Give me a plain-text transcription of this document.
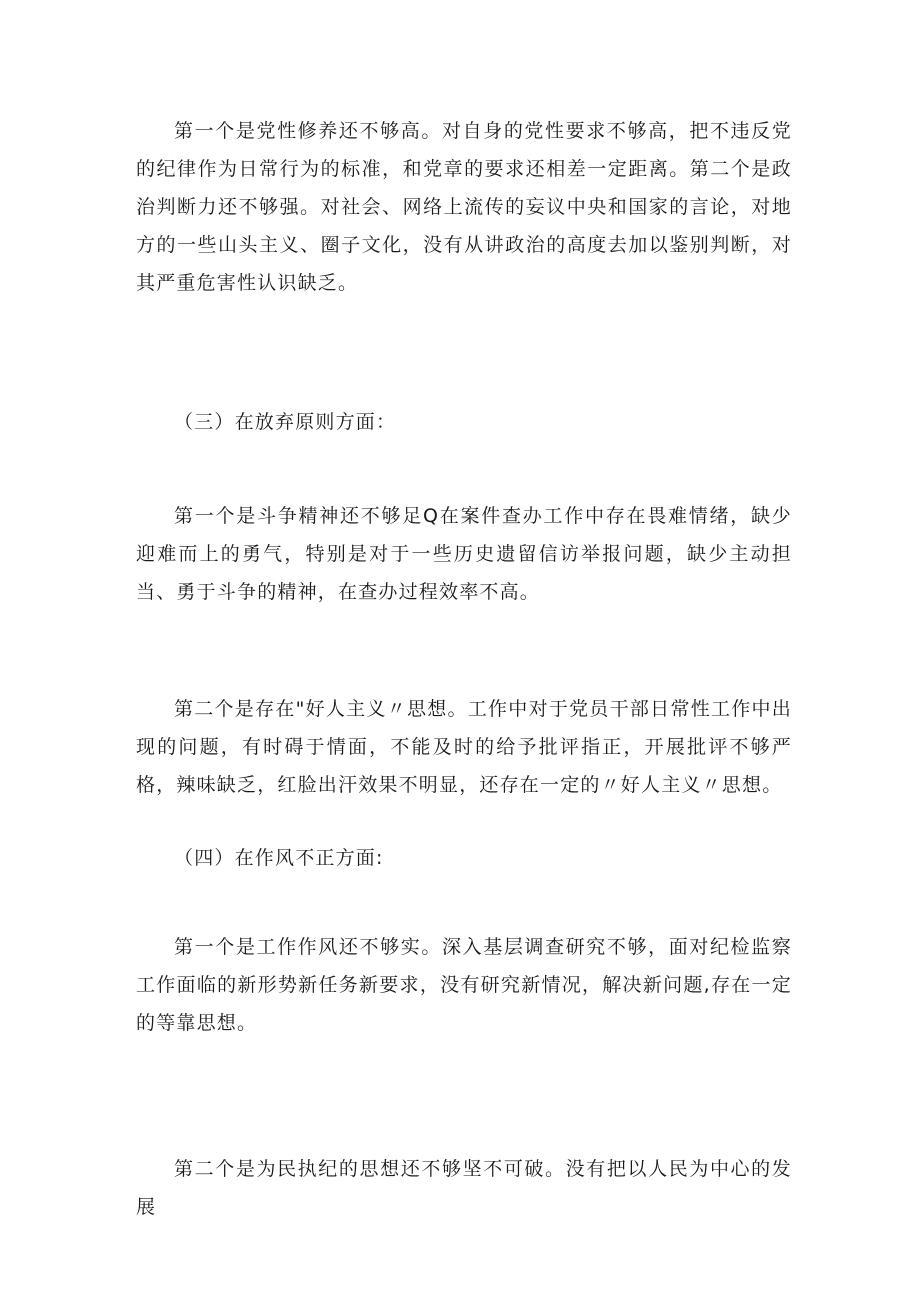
第一个是党性修养还不够高。对自身的党性要求不够高，把不违反党的纪律作为日常行为的标准，和党章的要求还相差一定距离。第二个是政治判断力还不够强。对社会、网络上流传的妄议中央和国家的言论，对地方的一些山头主义、圈子文化，没有从讲政治的高度去加以鉴别判断，对其严重危害性认识缺乏。

（三）在放弃原则方面：

第一个是斗争精神还不够足Q在案件查办工作中存在畏难情绪，缺少迎难而上的勇气，特别是对于一些历史遗留信访举报问题，缺少主动担当、勇于斗争的精神，在查办过程效率不高。

第二个是存在"好人主义〃思想。工作中对于党员干部日常性工作中出现的问题，有时碍于情面，不能及时的给予批评指正，开展批评不够严格，辣味缺乏，红脸出汗效果不明显，还存在一定的〃好人主义〃思想。

（四）在作风不正方面:

第一个是工作作风还不够实。深入基层调查研究不够，面对纪检监察工作面临的新形势新任务新要求，没有研究新情况，解决新问题,存在一定的等靠思想。

第二个是为民执纪的思想还不够坚不可破。没有把以人民为中心的发展
